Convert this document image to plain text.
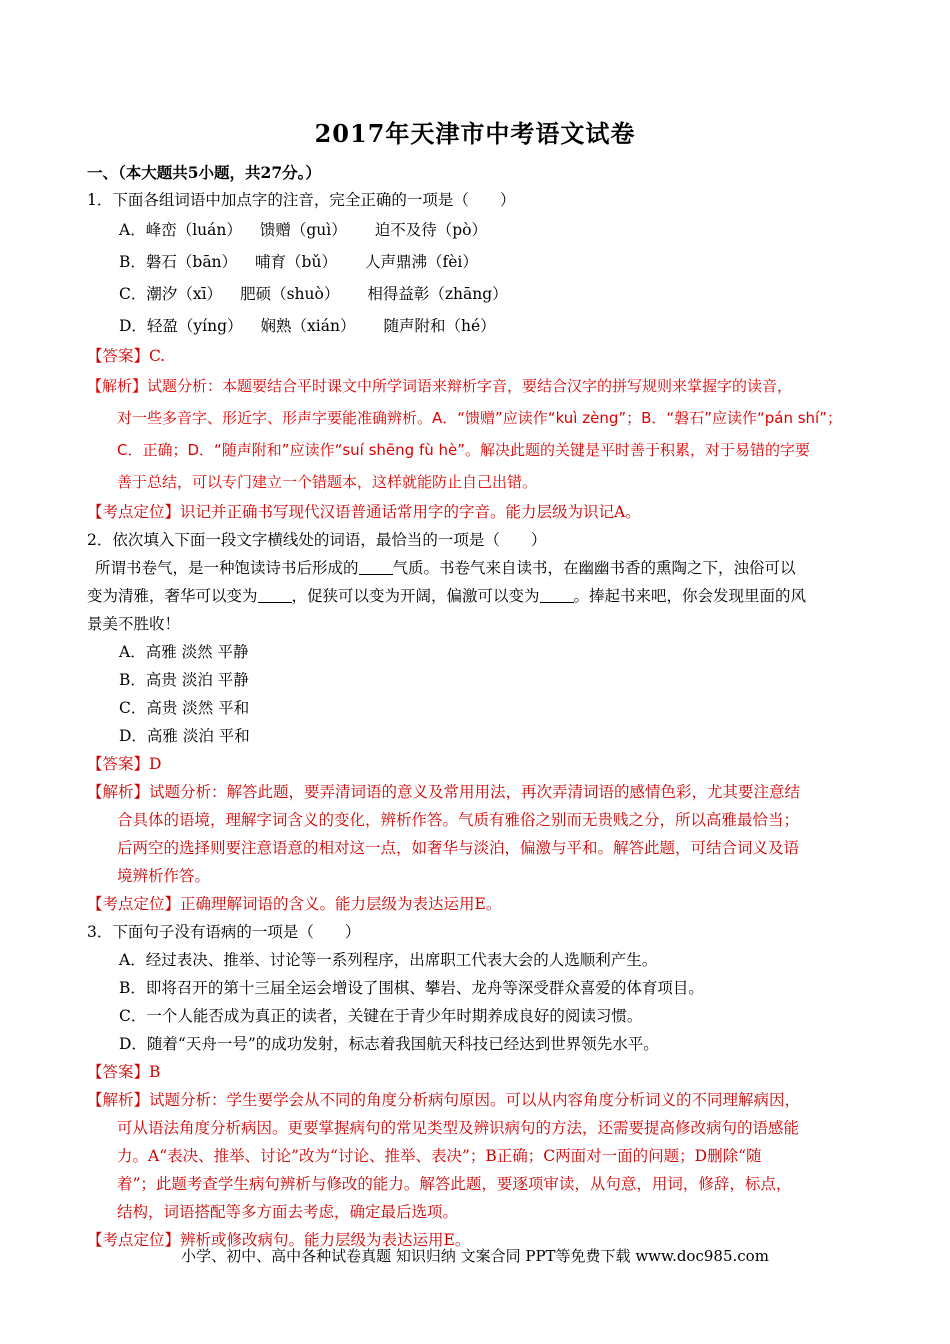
2017年天津市中考语文试卷
一、（本大题共5小题，共27分。）
1．下面各组词语中加点字的注音，完全正确的一项是（　　）
A．峰峦（luán） 馈赠（guì） 迫不及待（pò）
B．磐石（bān） 哺育（bǔ） 人声鼎沸（fèi）
C．潮汐（xī） 肥硕（shuò） 相得益彰（zhāng）
D．轻盈（yíng） 娴熟（xián） 随声附和（hé）
【答案】C.
【解析】试题分析：本题要结合平时课文中所学词语来辩析字音，要结合汉字的拼写规则来掌握字的读音，
对一些多音字、形近字、形声字要能准确辨析。A．“馈赠”应读作“kuì zèng”；B．“磐石”应读作“pán shí”；
C．正确；D．“随声附和”应读作“suí shēng fù hè”。解决此题的关键是平时善于积累，对于易错的字要
善于总结，可以专门建立一个错题本，这样就能防止自己出错。
【考点定位】识记并正确书写现代汉语普通话常用字的字音。能力层级为识记A。
2．依次填入下面一段文字横线处的词语，最恰当的一项是（　　）
所谓书卷气，是一种饱读诗书后形成的 气质。书卷气来自读书，在幽幽书香的熏陶之下，浊俗可以
变为清雅，奢华可以变为 ，促狭可以变为开阔，偏激可以变为 。捧起书来吧，你会发现里面的风
景美不胜收！
A．高雅 淡然 平静
B．高贵 淡泊 平静
C．高贵 淡然 平和
D．高雅 淡泊 平和
【答案】D
【解析】试题分析：解答此题，要弄清词语的意义及常用用法，再次弄清词语的感情色彩，尤其要注意结
合具体的语境，理解字词含义的变化，辨析作答。气质有雅俗之别而无贵贱之分，所以高雅最恰当；
后两空的选择则要注意语意的相对这一点，如奢华与淡泊，偏激与平和。解答此题，可结合词义及语
境辨析作答。
【考点定位】正确理解词语的含义。能力层级为表达运用E。
3．下面句子没有语病的一项是（　　）
A．经过表决、推举、讨论等一系列程序，出席职工代表大会的人选顺利产生。
B．即将召开的第十三届全运会增设了围棋、攀岩、龙舟等深受群众喜爱的体育项目。
C．一个人能否成为真正的读者，关键在于青少年时期养成良好的阅读习惯。
D．随着“天舟一号”的成功发射，标志着我国航天科技已经达到世界领先水平。
【答案】B
【解析】试题分析：学生要学会从不同的角度分析病句原因。可以从内容角度分析词义的不同理解病因，
可从语法角度分析病因。更要掌握病句的常见类型及辨识病句的方法，还需要提高修改病句的语感能
力。A“表决、推举、讨论”改为“讨论、推举、表决”；B正确；C两面对一面的问题；D删除“随
着”；此题考查学生病句辨析与修改的能力。解答此题，要逐项审读，从句意，用词，修辞，标点，
结构，词语搭配等多方面去考虑，确定最后选项。
【考点定位】辨析或修改病句。能力层级为表达运用E。
小学、初中、高中各种试卷真题 知识归纳 文案合同 PPT等免费下载 www.doc985.com
